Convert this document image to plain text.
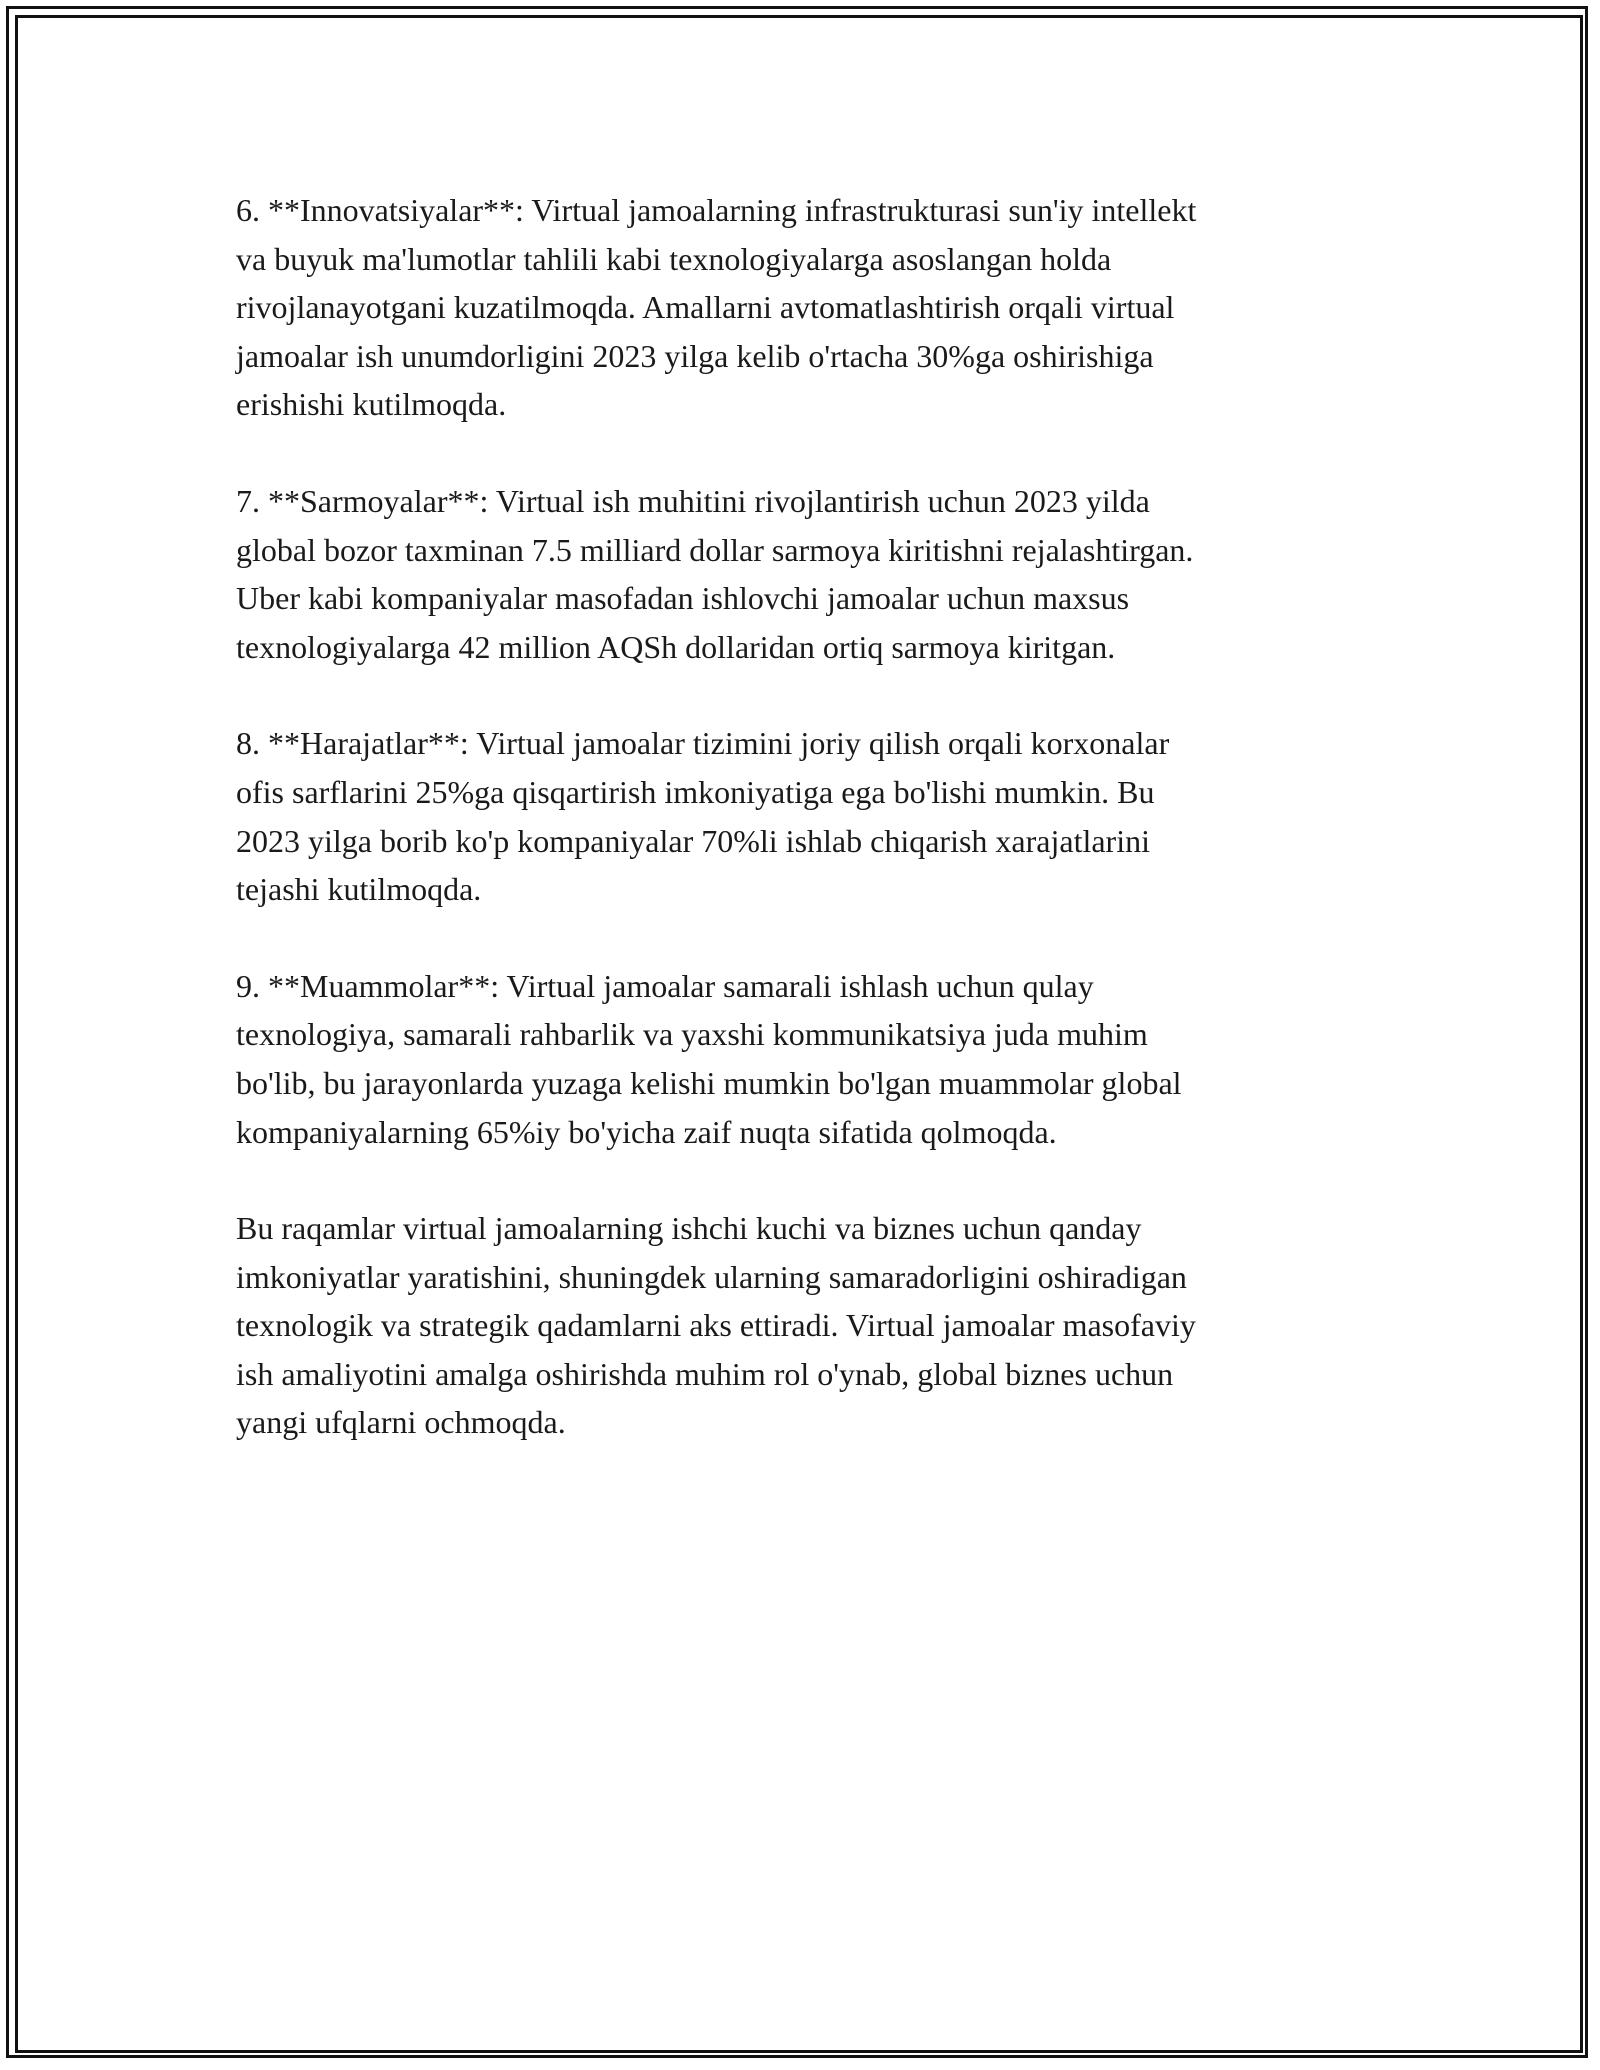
6. **Innovatsiyalar**: Virtual jamoalarning infrastrukturasi sun'iy intellekt
va buyuk ma'lumotlar tahlili kabi texnologiyalarga asoslangan holda
rivojlanayotgani kuzatilmoqda. Amallarni avtomatlashtirish orqali virtual
jamoalar ish unumdorligini 2023 yilga kelib o'rtacha 30%ga oshirishiga
erishishi kutilmoqda.

7. **Sarmoyalar**: Virtual ish muhitini rivojlantirish uchun 2023 yilda
global bozor taxminan 7.5 milliard dollar sarmoya kiritishni rejalashtirgan.
Uber kabi kompaniyalar masofadan ishlovchi jamoalar uchun maxsus
texnologiyalarga 42 million AQSh dollaridan ortiq sarmoya kiritgan.

8. **Harajatlar**: Virtual jamoalar tizimini joriy qilish orqali korxonalar
ofis sarflarini 25%ga qisqartirish imkoniyatiga ega bo'lishi mumkin. Bu
2023 yilga borib ko'p kompaniyalar 70%li ishlab chiqarish xarajatlarini
tejashi kutilmoqda.

9. **Muammolar**: Virtual jamoalar samarali ishlash uchun qulay
texnologiya, samarali rahbarlik va yaxshi kommunikatsiya juda muhim
bo'lib, bu jarayonlarda yuzaga kelishi mumkin bo'lgan muammolar global
kompaniyalarning 65%iy bo'yicha zaif nuqta sifatida qolmoqda.

Bu raqamlar virtual jamoalarning ishchi kuchi va biznes uchun qanday
imkoniyatlar yaratishini, shuningdek ularning samaradorligini oshiradigan
texnologik va strategik qadamlarni aks ettiradi. Virtual jamoalar masofaviy
ish amaliyotini amalga oshirishda muhim rol o'ynab, global biznes uchun
yangi ufqlarni ochmoqda.
